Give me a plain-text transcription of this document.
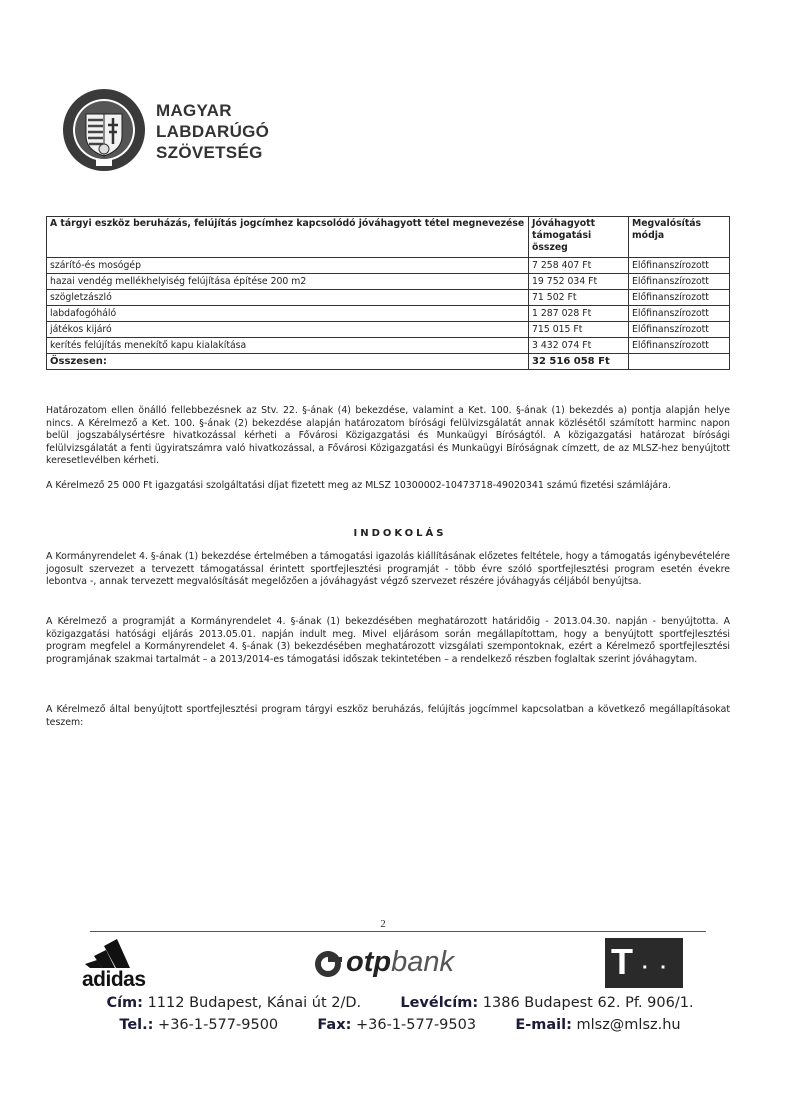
MAGYAR
LABDARÚGÓ
SZÖVETSÉG
A tárgyi eszköz beruházás, felújítás jogcímhez kapcsolódó jóváhagyott tétel megnevezése	Jóváhagyott támogatási összeg	Megvalósítás módja
szárító-és mosógép	7 258 407 Ft	Előfinanszírozott
hazai vendég mellékhelyiség felújítása építése 200 m2	19 752 034 Ft	Előfinanszírozott
szögletzászló	71 502 Ft	Előfinanszírozott
labdafogóháló	1 287 028 Ft	Előfinanszírozott
játékos kijáró	715 015 Ft	Előfinanszírozott
kerítés felújítás menekítő kapu kialakítása	3 432 074 Ft	Előfinanszírozott
Összesen:	32 516 058 Ft	
Határozatom ellen önálló fellebbezésnek az Stv. 22. §-ának (4) bekezdése, valamint a Ket. 100. §-ának (1) bekezdés a) pontja alapján helye nincs. A Kérelmező a Ket. 100. §-ának (2) bekezdése alapján határozatom bírósági felülvizsgálatát annak közlésétől számított harminc napon belül jogszabálysértésre hivatkozással kérheti a Fővárosi Közigazgatási és Munkaügyi Bíróságtól. A közigazgatási határozat bírósági felülvizsgálatát a fenti ügyiratszámra való hivatkozással, a Fővárosi Közigazgatási és Munkaügyi Bíróságnak címzett, de az MLSZ-hez benyújtott keresetlevélben kérheti.
A Kérelmező 25 000 Ft igazgatási szolgáltatási díjat fizetett meg az MLSZ 10300002-10473718-49020341 számú fizetési számlájára.
INDOKOLÁS
A Kormányrendelet 4. §-ának (1) bekezdése értelmében a támogatási igazolás kiállításának előzetes feltétele, hogy a támogatás igénybevételére jogosult szervezet a tervezett támogatással érintett sportfejlesztési programját - több évre szóló sportfejlesztési program esetén évekre lebontva -, annak tervezett megvalósítását megelőzően a jóváhagyást végző szervezet részére jóváhagyás céljából benyújtsa.
A Kérelmező a programját a Kormányrendelet 4. §-ának (1) bekezdésében meghatározott határidőig - 2013.04.30. napján - benyújtotta. A közigazgatási hatósági eljárás 2013.05.01. napján indult meg. Mivel eljárásom során megállapítottam, hogy a benyújtott sportfejlesztési program megfelel a Kormányrendelet 4. §-ának (3) bekezdésében meghatározott vizsgálati szempontoknak, ezért a Kérelmező sportfejlesztési programjának szakmai tartalmát – a 2013/2014-es támogatási időszak tekintetében – a rendelkező részben foglaltak szerint jóváhagytam.
A Kérelmező által benyújtott sportfejlesztési program tárgyi eszköz beruházás, felújítás jogcímmel kapcsolatban a következő megállapításokat teszem:
2
adidas
otpbank	T · ·
Cím: 1112 Budapest, Kánai út 2/D.	Levélcím: 1386 Budapest 62. Pf. 906/1.
Tel.: +36-1-577-9500	Fax: +36-1-577-9503	E-mail: mlsz@mlsz.hu
